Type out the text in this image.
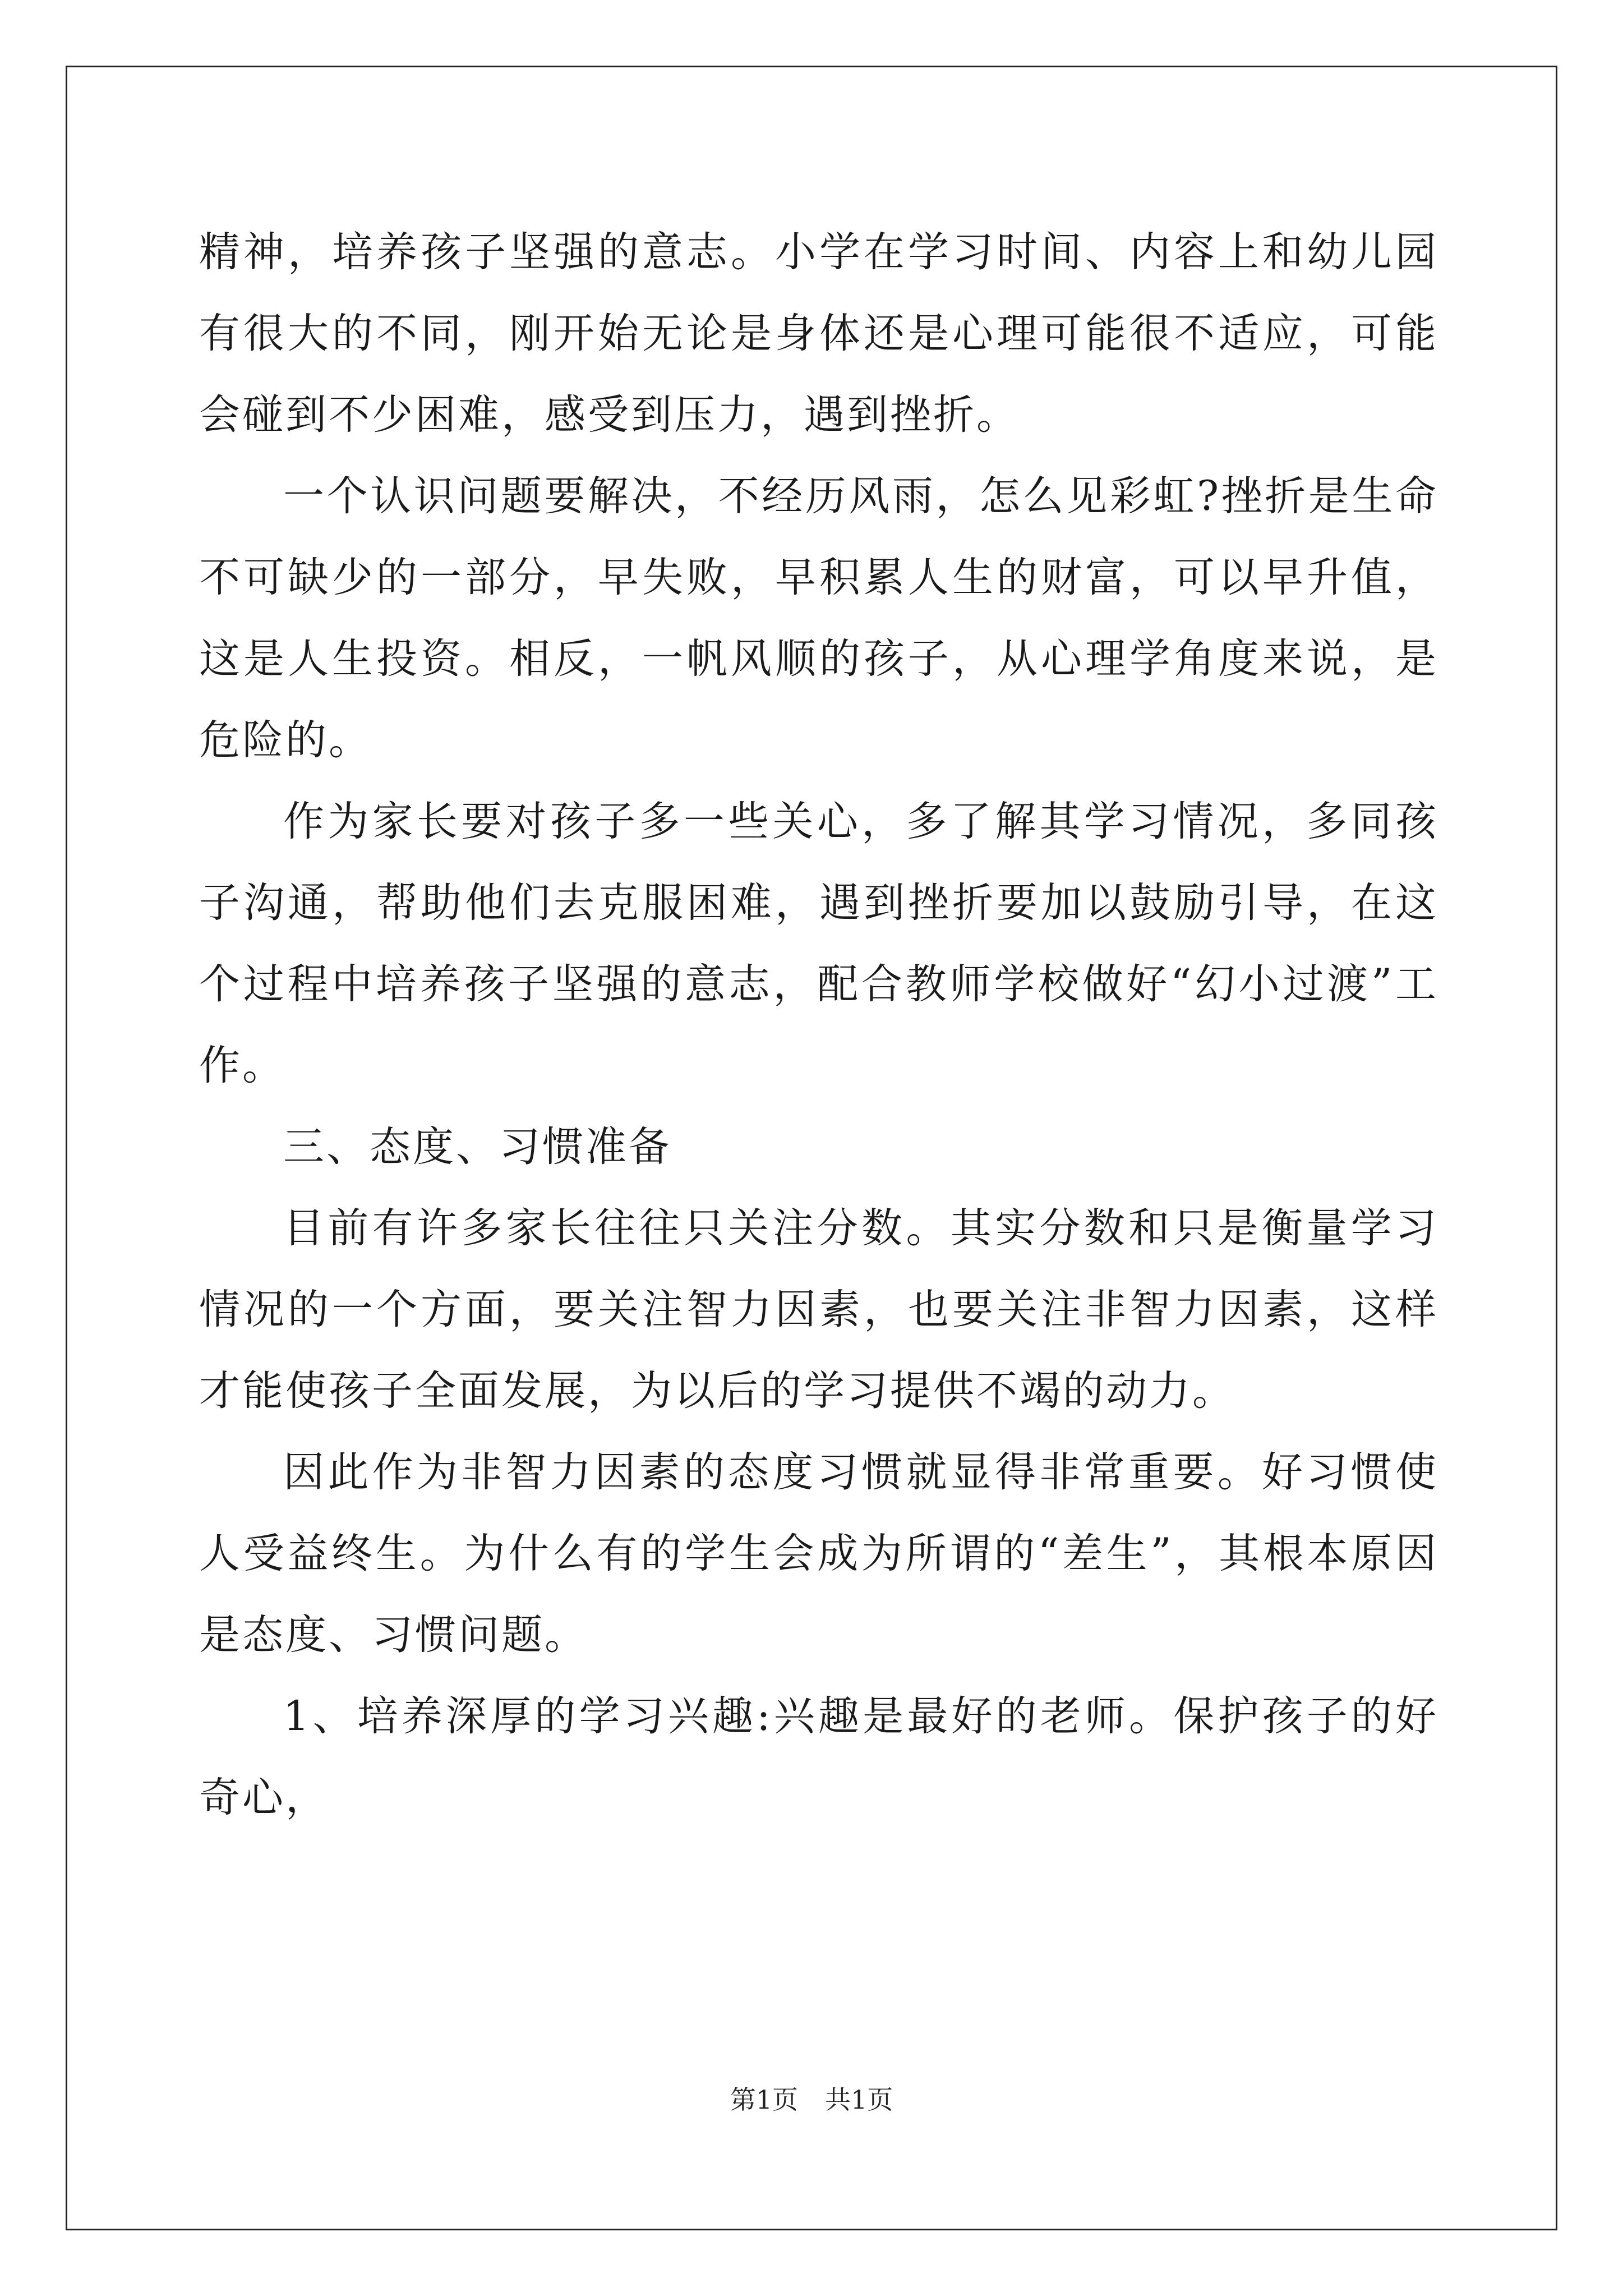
精神，培养孩子坚强的意志。小学在学习时间、内容上和幼儿园有很大的不同，刚开始无论是身体还是心理可能很不适应，可能会碰到不少困难，感受到压力，遇到挫折。

一个认识问题要解决，不经历风雨，怎么见彩虹?挫折是生命不可缺少的一部分，早失败，早积累人生的财富，可以早升值，这是人生投资。相反，一帆风顺的孩子，从心理学角度来说，是危险的。

作为家长要对孩子多一些关心，多了解其学习情况，多同孩子沟通，帮助他们去克服困难，遇到挫折要加以鼓励引导，在这个过程中培养孩子坚强的意志，配合教师学校做好“幻小过渡”工作。

三、态度、习惯准备

目前有许多家长往往只关注分数。其实分数和只是衡量学习情况的一个方面，要关注智力因素，也要关注非智力因素，这样才能使孩子全面发展，为以后的学习提供不竭的动力。

因此作为非智力因素的态度习惯就显得非常重要。好习惯使人受益终生。为什么有的学生会成为所谓的“差生”，其根本原因是态度、习惯问题。

1、培养深厚的学习兴趣:兴趣是最好的老师。保护孩子的好奇心，

第1页 共1页
